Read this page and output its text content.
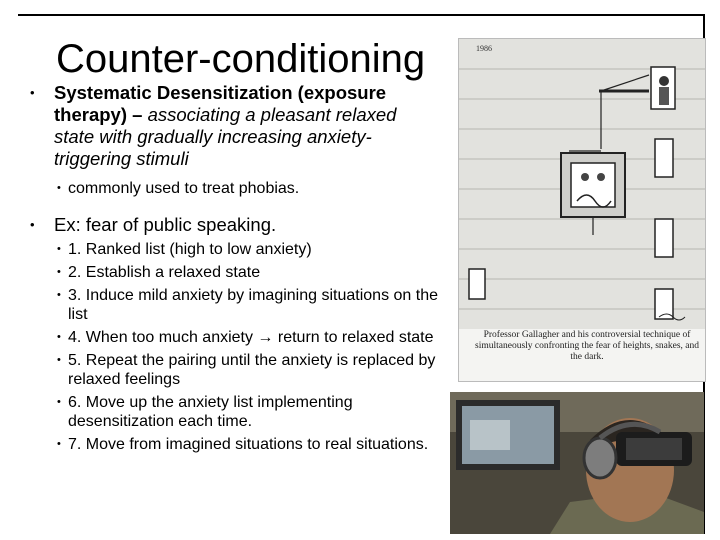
Counter-conditioning
• Systematic Desensitization (exposure therapy) – associating a pleasant relaxed state with gradually increasing anxiety-triggering stimuli
• commonly used to treat phobias.
• Ex: fear of public speaking.
• 1. Ranked list (high to low anxiety)
• 2. Establish a relaxed state
• 3. Induce mild anxiety by imagining situations on the list
• 4. When too much anxiety → return to relaxed state
• 5. Repeat the pairing until the anxiety is replaced by relaxed feelings
• 6. Move up the anxiety list implementing desensitization each time.
• 7. Move from imagined situations to real situations.
1986
Professor Gallagher and his controversial technique of simultaneously confronting the fear of heights, snakes, and the dark.
